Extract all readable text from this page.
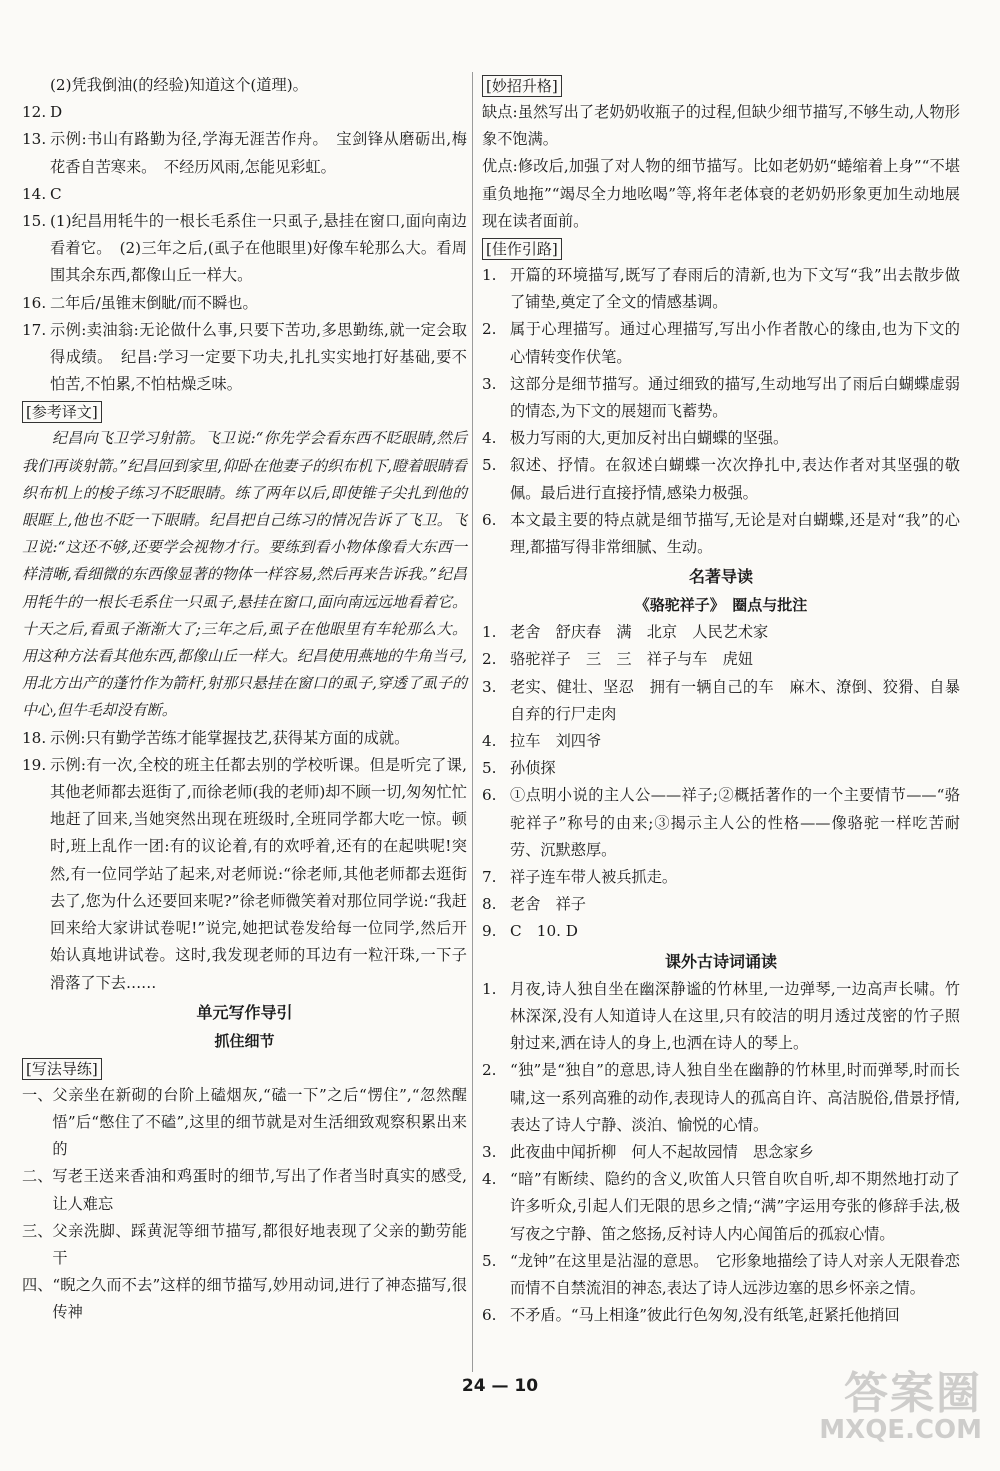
(2)凭我倒油(的经验)知道这个(道理)。

12. D
13. 示例:书山有路勤为径,学海无涯苦作舟。　宝剑锋从磨砺出,梅花香自苦寒来。　不经历风雨,怎能见彩虹。
14. C
15. (1)纪昌用牦牛的一根长毛系住一只虱子,悬挂在窗口,面向南边看着它。　(2)三年之后,(虱子在他眼里)好像车轮那么大。看周围其余东西,都像山丘一样大。
16. 二年后/虽锥末倒眦/而不瞬也。
17. 示例:卖油翁:无论做什么事,只要下苦功,多思勤练,就一定会取得成绩。　纪昌:学习一定要下功夫,扎扎实实地打好基础,要不怕苦,不怕累,不怕枯燥乏味。
[参考译文]

纪昌向飞卫学习射箭。飞卫说:“你先学会看东西不眨眼睛,然后我们再谈射箭。”纪昌回到家里,仰卧在他妻子的织布机下,瞪着眼睛看织布机上的梭子练习不眨眼睛。练了两年以后,即使锥子尖扎到他的眼眶上,他也不眨一下眼睛。纪昌把自己练习的情况告诉了飞卫。飞卫说:“这还不够,还要学会视物才行。要练到看小物体像看大东西一样清晰,看细微的东西像显著的物体一样容易,然后再来告诉我。”纪昌用牦牛的一根长毛系住一只虱子,悬挂在窗口,面向南远远地看着它。十天之后,看虱子渐渐大了;三年之后,虱子在他眼里有车轮那么大。用这种方法看其他东西,都像山丘一样大。纪昌使用燕地的牛角当弓,用北方出产的蓬竹作为箭杆,射那只悬挂在窗口的虱子,穿透了虱子的中心,但牛毛却没有断。

18. 示例:只有勤学苦练才能掌握技艺,获得某方面的成就。
19. 示例:有一次,全校的班主任都去别的学校听课。但是听完了课,其他老师都去逛街了,而徐老师(我的老师)却不顾一切,匆匆忙忙地赶了回来,当她突然出现在班级时,全班同学都大吃一惊。顿时,班上乱作一团:有的议论着,有的欢呼着,还有的在起哄呢!突然,有一位同学站了起来,对老师说:“徐老师,其他老师都去逛街去了,您为什么还要回来呢?”徐老师微笑着对那位同学说:“我赶回来给大家讲试卷呢!”说完,她把试卷发给每一位同学,然后开始认真地讲试卷。这时,我发现老师的耳边有一粒汗珠,一下子滑落了下去……

单元写作导引

抓住细节

[写法导练]
一、 父亲坐在新砌的台阶上磕烟灰,“磕一下”之后“愣住”,“忽然醒悟”后“憋住了不磕”,这里的细节就是对生活细致观察积累出来的
二、 写老王送来香油和鸡蛋时的细节,写出了作者当时真实的感受,让人难忘
三、 父亲洗脚、踩黄泥等细节描写,都很好地表现了父亲的勤劳能干
四、 “睨之久而不去”这样的细节描写,妙用动词,进行了神态描写,很传神
[妙招升格]

缺点:虽然写出了老奶奶收瓶子的过程,但缺少细节描写,不够生动,人物形象不饱满。

优点:修改后,加强了对人物的细节描写。比如老奶奶“蜷缩着上身”“不堪重负地拖”“竭尽全力地吆喝”等,将年老体衰的老奶奶形象更加生动地展现在读者面前。

[佳作引路]
1. 开篇的环境描写,既写了春雨后的清新,也为下文写“我”出去散步做了铺垫,奠定了全文的情感基调。
2. 属于心理描写。通过心理描写,写出小作者散心的缘由,也为下文的心情转变作伏笔。
3. 这部分是细节描写。通过细致的描写,生动地写出了雨后白蝴蝶虚弱的情态,为下文的展翅而飞蓄势。
4. 极力写雨的大,更加反衬出白蝴蝶的坚强。
5. 叙述、抒情。在叙述白蝴蝶一次次挣扎中,表达作者对其坚强的敬佩。最后进行直接抒情,感染力极强。
6. 本文最主要的特点就是细节描写,无论是对白蝴蝶,还是对“我”的心理,都描写得非常细腻、生动。

名著导读

《骆驼祥子》　圈点与批注

1. 老舍　舒庆春　满　北京　人民艺术家
2. 骆驼祥子　三　三　祥子与车　虎妞
3. 老实、健壮、坚忍　拥有一辆自己的车　麻木、潦倒、狡猾、自暴自弃的行尸走肉
4. 拉车　刘四爷
5. 孙侦探
6. ①点明小说的主人公——祥子;②概括著作的一个主要情节——“骆驼祥子”称号的由来;③揭示主人公的性格——像骆驼一样吃苦耐劳、沉默憨厚。
7. 祥子连车带人被兵抓走。
8. 老舍　祥子
9. C　10. D

课外古诗词诵读

1. 月夜,诗人独自坐在幽深静谧的竹林里,一边弹琴,一边高声长啸。竹林深深,没有人知道诗人在这里,只有皎洁的明月透过茂密的竹子照射过来,洒在诗人的身上,也洒在诗人的琴上。
2. “独”是“独自”的意思,诗人独自坐在幽静的竹林里,时而弹琴,时而长啸,这一系列高雅的动作,表现诗人的孤高自许、高洁脱俗,借景抒情,表达了诗人宁静、淡泊、愉悦的心情。
3. 此夜曲中闻折柳　何人不起故园情　思念家乡
4. “暗”有断续、隐约的含义,吹笛人只管自吹自听,却不期然地打动了许多听众,引起人们无限的思乡之情;“满”字运用夸张的修辞手法,极写夜之宁静、笛之悠扬,反衬诗人内心闻笛后的孤寂心情。
5. “龙钟”在这里是沾湿的意思。　它形象地描绘了诗人对亲人无限眷恋而情不自禁流泪的神态,表达了诗人远涉边塞的思乡怀亲之情。
6. 不矛盾。“马上相逢”彼此行色匆匆,没有纸笔,赶紧托他捎回
24 — 10	答案圈
MXQE.COM
